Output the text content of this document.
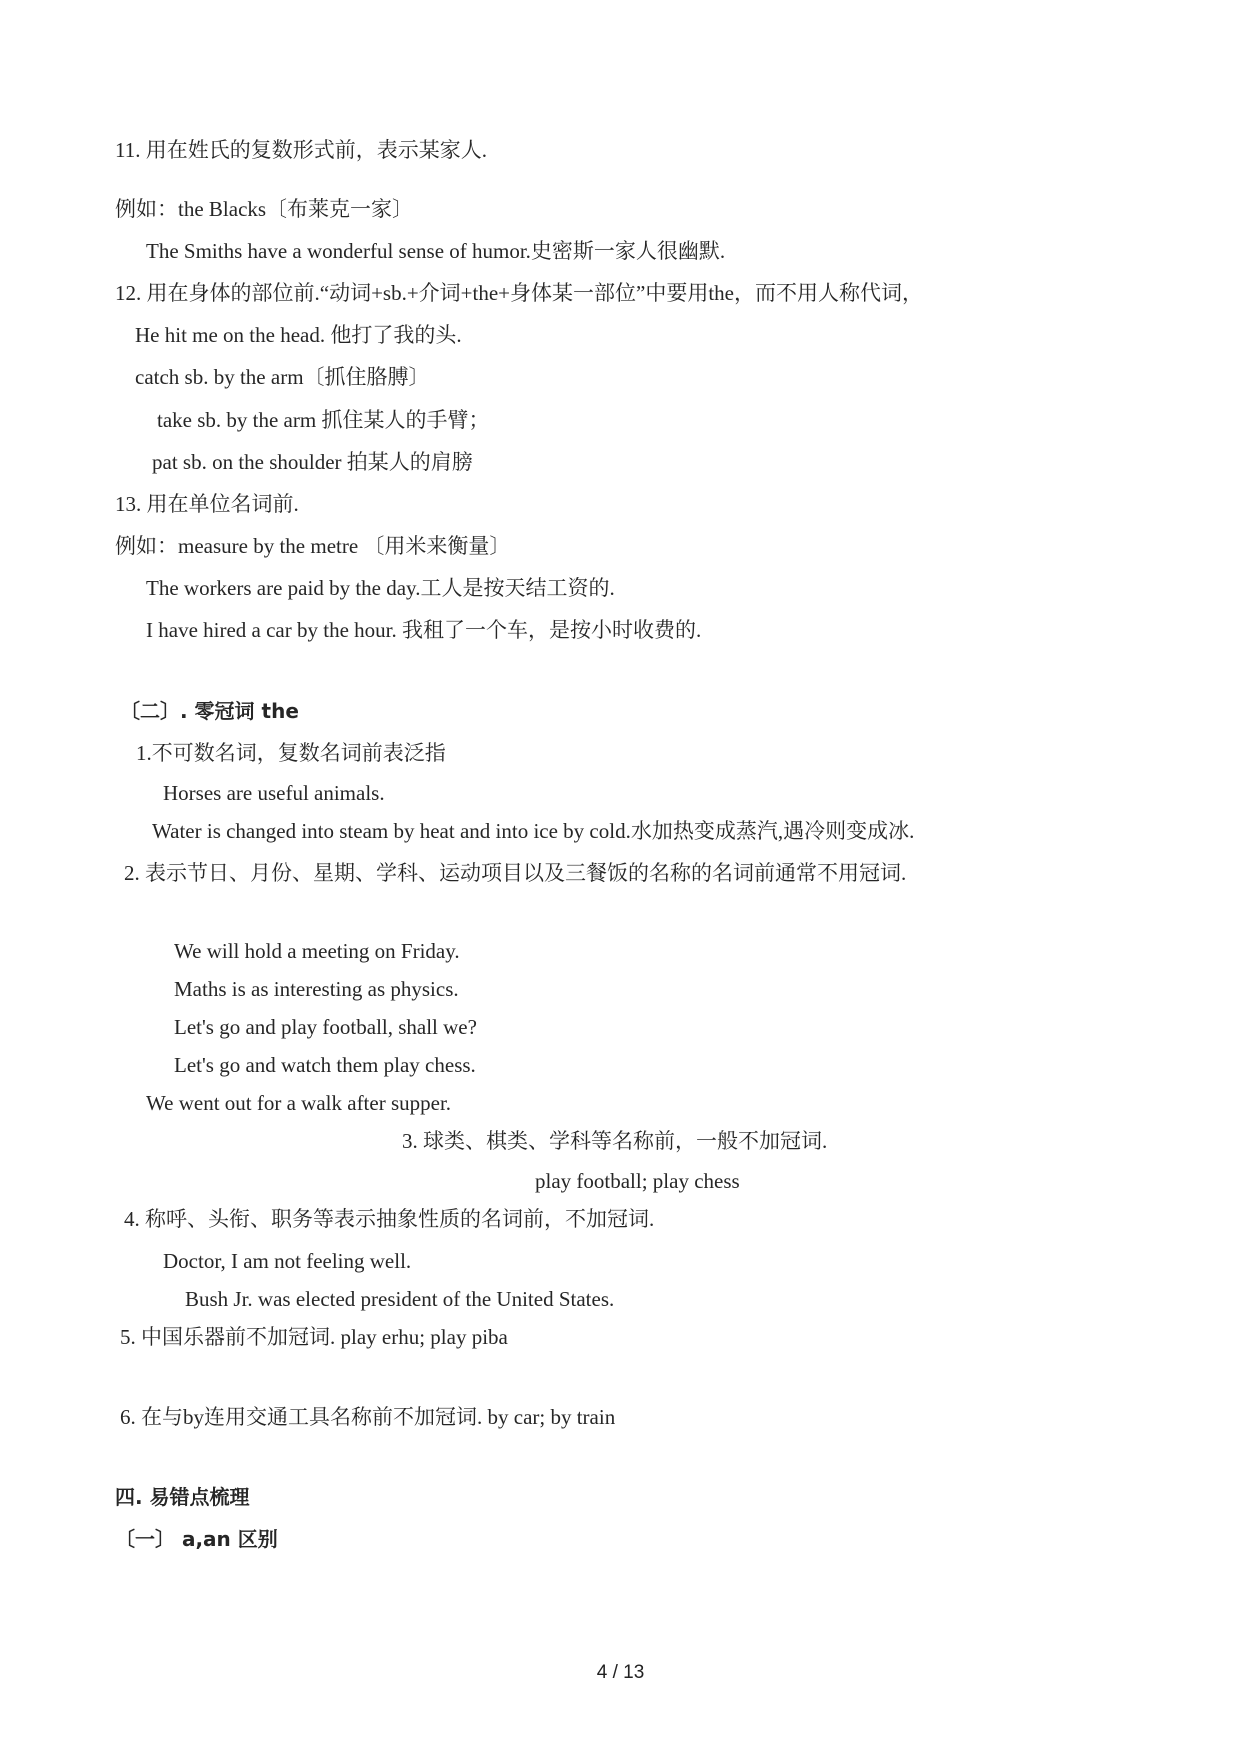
11. 用在姓氏的复数形式前，表示某家人.
例如：the Blacks〔布莱克一家〕
The Smiths have a wonderful sense of humor.史密斯一家人很幽默.
12. 用在身体的部位前.“动词+sb.+介词+the+身体某一部位”中要用the，而不用人称代词，
He hit me on the head. 他打了我的头.
catch sb. by the arm〔抓住胳膊〕
take sb. by the arm 抓住某人的手臂；
pat sb. on the shoulder 拍某人的肩膀
13. 用在单位名词前.
例如：measure by the metre 〔用米来衡量〕
The workers are paid by the day.工人是按天结工资的.
I have hired a car by the hour. 我租了一个车，是按小时收费的.
〔二〕. 零冠词 the
1.不可数名词，复数名词前表泛指
Horses are useful animals.
Water is changed into steam by heat and into ice by cold.水加热变成蒸汽,遇冷则变成冰.
2. 表示节日、月份、星期、学科、运动项目以及三餐饭的名称的名词前通常不用冠词.
We will hold a meeting on Friday.
Maths is as interesting as physics.
Let's go and play football, shall we?
Let's go and watch them play chess.
We went out for a walk after supper.
3. 球类、棋类、学科等名称前，一般不加冠词.
play football; play chess
4. 称呼、头衔、职务等表示抽象性质的名词前，不加冠词.
Doctor, I am not feeling well.
Bush Jr. was elected president of the United States.
5. 中国乐器前不加冠词. play erhu; play piba
6. 在与by连用交通工具名称前不加冠词. by car; by train
四. 易错点梳理
〔一〕 a,an 区别
4 / 13
